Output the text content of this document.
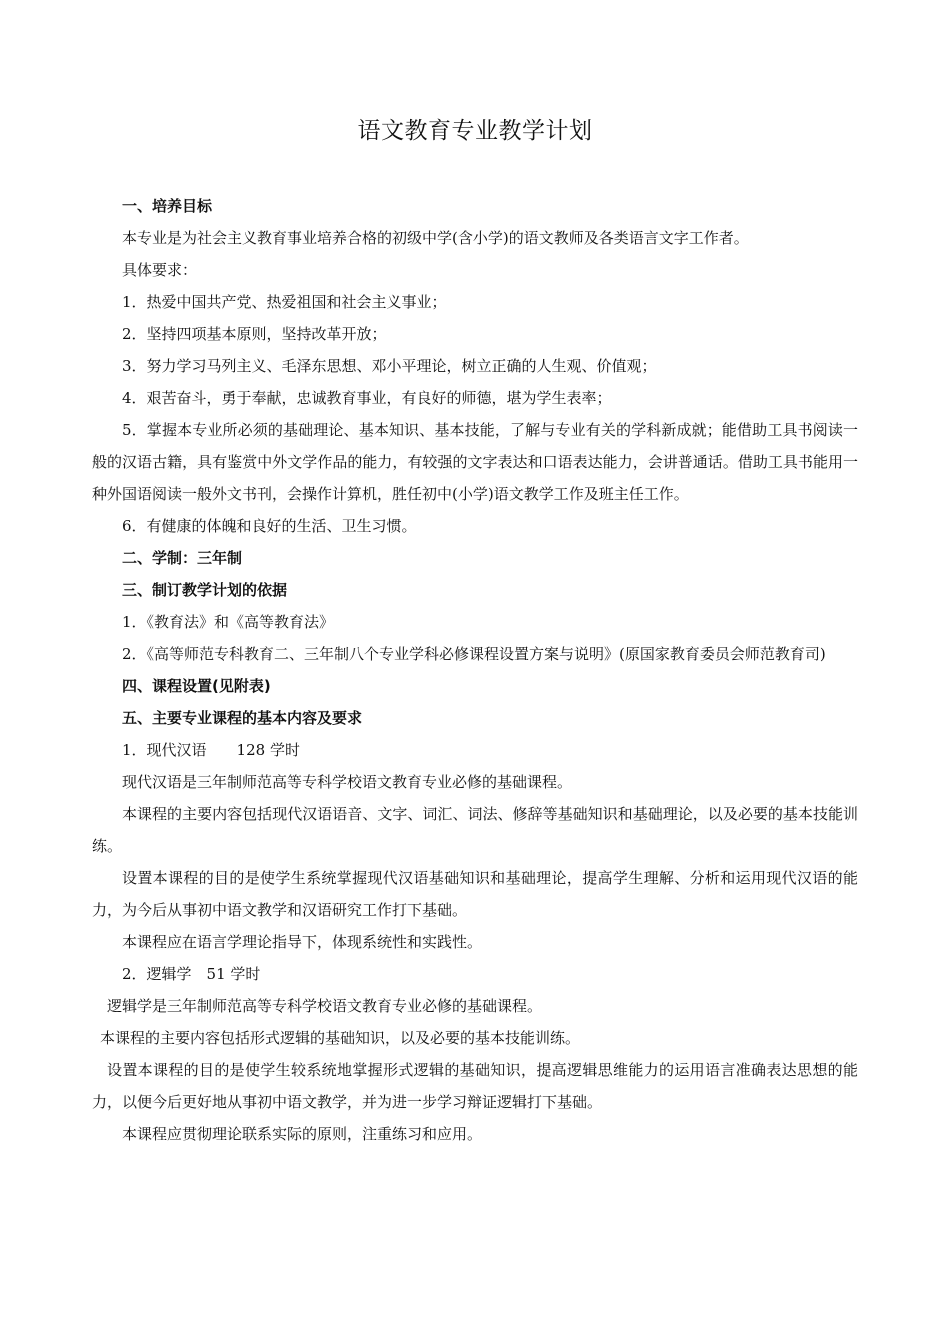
语文教育专业教学计划

一、培养目标

本专业是为社会主义教育事业培养合格的初级中学(含小学)的语文教师及各类语言文字工作者。

具体要求：

1．热爱中国共产党、热爱祖国和社会主义事业；

2．坚持四项基本原则，坚持改革开放；

3．努力学习马列主义、毛泽东思想、邓小平理论，树立正确的人生观、价值观；

4．艰苦奋斗，勇于奉献，忠诚教育事业，有良好的师德，堪为学生表率；

5．掌握本专业所必须的基础理论、基本知识、基本技能，了解与专业有关的学科新成就；能借助工具书阅读一般的汉语古籍，具有鉴赏中外文学作品的能力，有较强的文字表达和口语表达能力，会讲普通话。借助工具书能用一种外国语阅读一般外文书刊，会操作计算机，胜任初中(小学)语文教学工作及班主任工作。

6．有健康的体魄和良好的生活、卫生习惯。

二、学制：三年制

三、制订教学计划的依据

1．《教育法》和《高等教育法》

2．《高等师范专科教育二、三年制八个专业学科必修课程设置方案与说明》(原国家教育委员会师范教育司)

四、课程设置(见附表)

五、主要专业课程的基本内容及要求

1．现代汉语　　128 学时

现代汉语是三年制师范高等专科学校语文教育专业必修的基础课程。

本课程的主要内容包括现代汉语语音、文字、词汇、词法、修辞等基础知识和基础理论，以及必要的基本技能训练。

设置本课程的目的是使学生系统掌握现代汉语基础知识和基础理论，提高学生理解、分析和运用现代汉语的能力，为今后从事初中语文教学和汉语研究工作打下基础。

本课程应在语言学理论指导下，体现系统性和实践性。

2．逻辑学　51 学时

逻辑学是三年制师范高等专科学校语文教育专业必修的基础课程。

本课程的主要内容包括形式逻辑的基础知识，以及必要的基本技能训练。

设置本课程的目的是使学生较系统地掌握形式逻辑的基础知识，提高逻辑思维能力的运用语言准确表达思想的能力，以便今后更好地从事初中语文教学，并为进一步学习辩证逻辑打下基础。

本课程应贯彻理论联系实际的原则，注重练习和应用。
